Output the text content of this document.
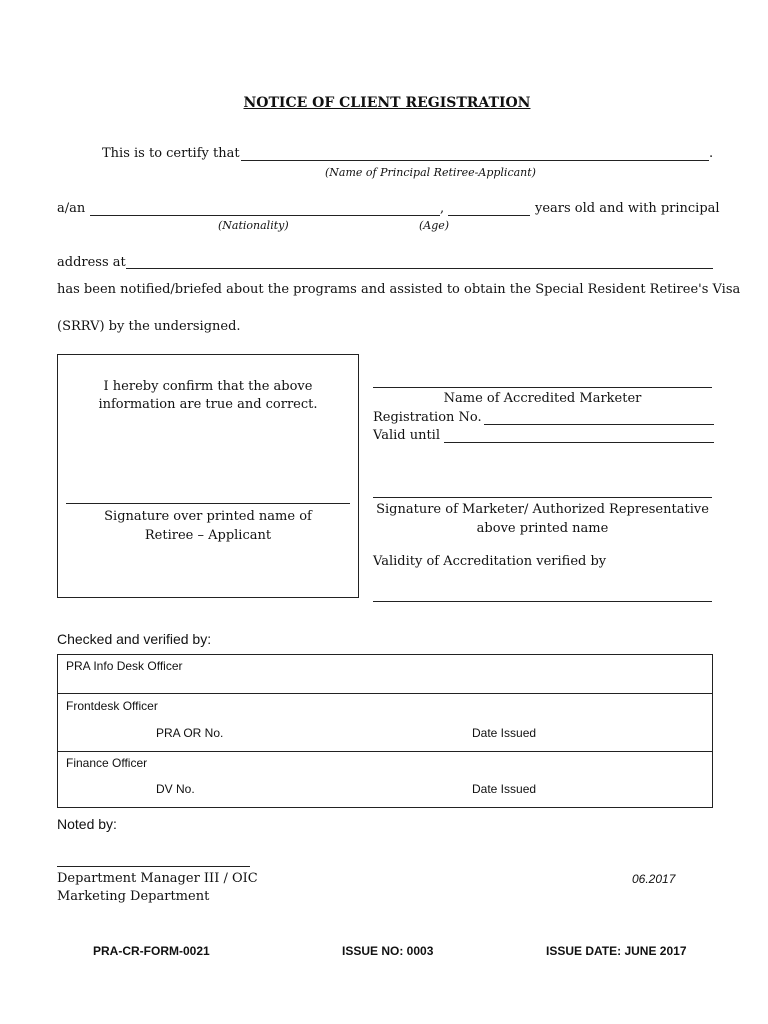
NOTICE OF CLIENT REGISTRATION
This is to certify that	.
(Name of Principal Retiree-Applicant)
a/an	,	years old and with principal
(Nationality)	(Age)
address at
has been notified/briefed about the programs and assisted to obtain the Special Resident Retiree's Visa
(SRRV) by the undersigned.
I hereby confirm that the above
information are true and correct.
Signature over printed name of
Retiree – Applicant
Name of Accredited Marketer
Registration No.
Valid until
Signature of Marketer/ Authorized Representative
above printed name
Validity of Accreditation verified by
Checked and verified by:
PRA Info Desk Officer
Frontdesk Officer
PRA OR No.	Date Issued
Finance Officer
DV No.	Date Issued
Noted by:
Department Manager III / OIC
Marketing Department
06.2017
PRA-CR-FORM-0021	ISSUE NO: 0003	ISSUE DATE: JUNE 2017
